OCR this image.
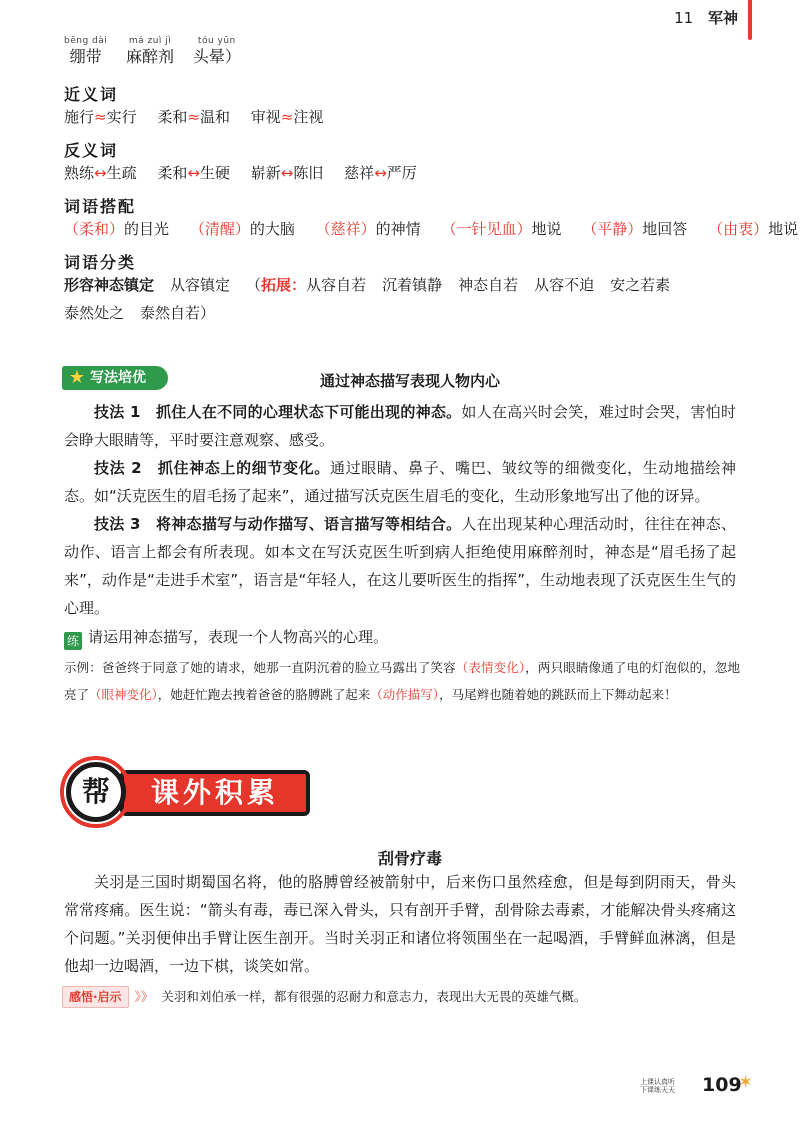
11 军神
bēng dài
绷带

má zuì jì
麻醉剂

tóu yūn
头晕）
近义词
施行≈实行 柔和≈温和 审视≈注视
反义词
熟练↔生疏 柔和↔生硬 崭新↔陈旧 慈祥↔严厉
词语搭配
（柔和）的目光 （清醒）的大脑 （慈祥）的神情 （一针见血）地说 （平静）地回答 （由衷）地说
词语分类
形容神态镇定 从容镇定 （拓展：从容自若 沉着镇静 神态自若 从容不迫 安之若素
泰然处之 泰然自若）
★ 写法培优	通过神态描写表现人物内心
技法 1　抓住人在不同的心理状态下可能出现的神态。如人在高兴时会笑，难过时会哭，害怕时会睁大眼睛等，平时要注意观察、感受。
技法 2　抓住神态上的细节变化。通过眼睛、鼻子、嘴巴、皱纹等的细微变化，生动地描绘神态。如“沃克医生的眉毛扬了起来”，通过描写沃克医生眉毛的变化，生动形象地写出了他的讶异。
技法 3　将神态描写与动作描写、语言描写等相结合。人在出现某种心理活动时，往往在神态、动作、语言上都会有所表现。如本文在写沃克医生听到病人拒绝使用麻醉剂时，神态是“眉毛扬了起来”，动作是“走进手术室”，语言是“年轻人，在这儿要听医生的指挥”，生动地表现了沃克医生生气的心理。
练 请运用神态描写，表现一个人物高兴的心理。
示例：爸爸终于同意了她的请求，她那一直阴沉着的脸立马露出了笑容（表情变化），两只眼睛像通了电的灯泡似的，忽地亮了（眼神变化），她赶忙跑去拽着爸爸的胳膊跳了起来（动作描写），马尾辫也随着她的跳跃而上下舞动起来！
课外积累
帮
刮骨疗毒
关羽是三国时期蜀国名将，他的胳膊曾经被箭射中，后来伤口虽然痊愈，但是每到阴雨天，骨头常常疼痛。医生说：“箭头有毒，毒已深入骨头，只有剖开手臂，刮骨除去毒素，才能解决骨头疼痛这个问题。”关羽便伸出手臂让医生剖开。当时关羽正和诸位将领围坐在一起喝酒，手臂鲜血淋漓，但是他却一边喝酒，一边下棋，谈笑如常。
感悟·启示 》》 关羽和刘伯承一样，都有很强的忍耐力和意志力，表现出大无畏的英雄气概。
上课认真听
下课练天天 109
✶
